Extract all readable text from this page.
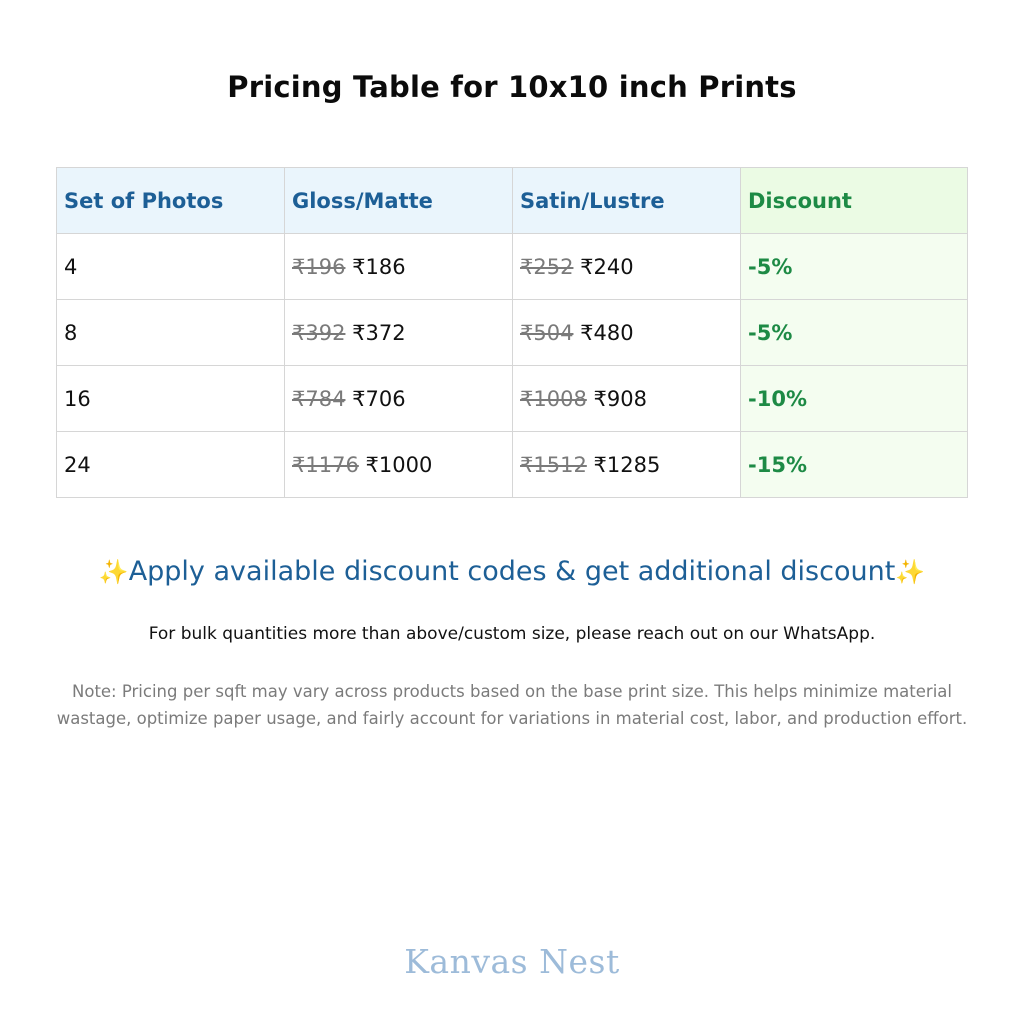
Pricing Table for 10x10 inch Prints
Set of Photos	Gloss/Matte	Satin/Lustre	Discount
4	₹196 ₹186	₹252 ₹240	-5%
8	₹392 ₹372	₹504 ₹480	-5%
16	₹784 ₹706	₹1008 ₹908	-10%
24	₹1176 ₹1000	₹1512 ₹1285	-15%
✨Apply available discount codes & get additional discount✨
For bulk quantities more than above/custom size, please reach out on our WhatsApp.
Note: Pricing per sqft may vary across products based on the base print size. This helps minimize material wastage, optimize paper usage, and fairly account for variations in material cost, labor, and production effort.
Kanvas Nest
